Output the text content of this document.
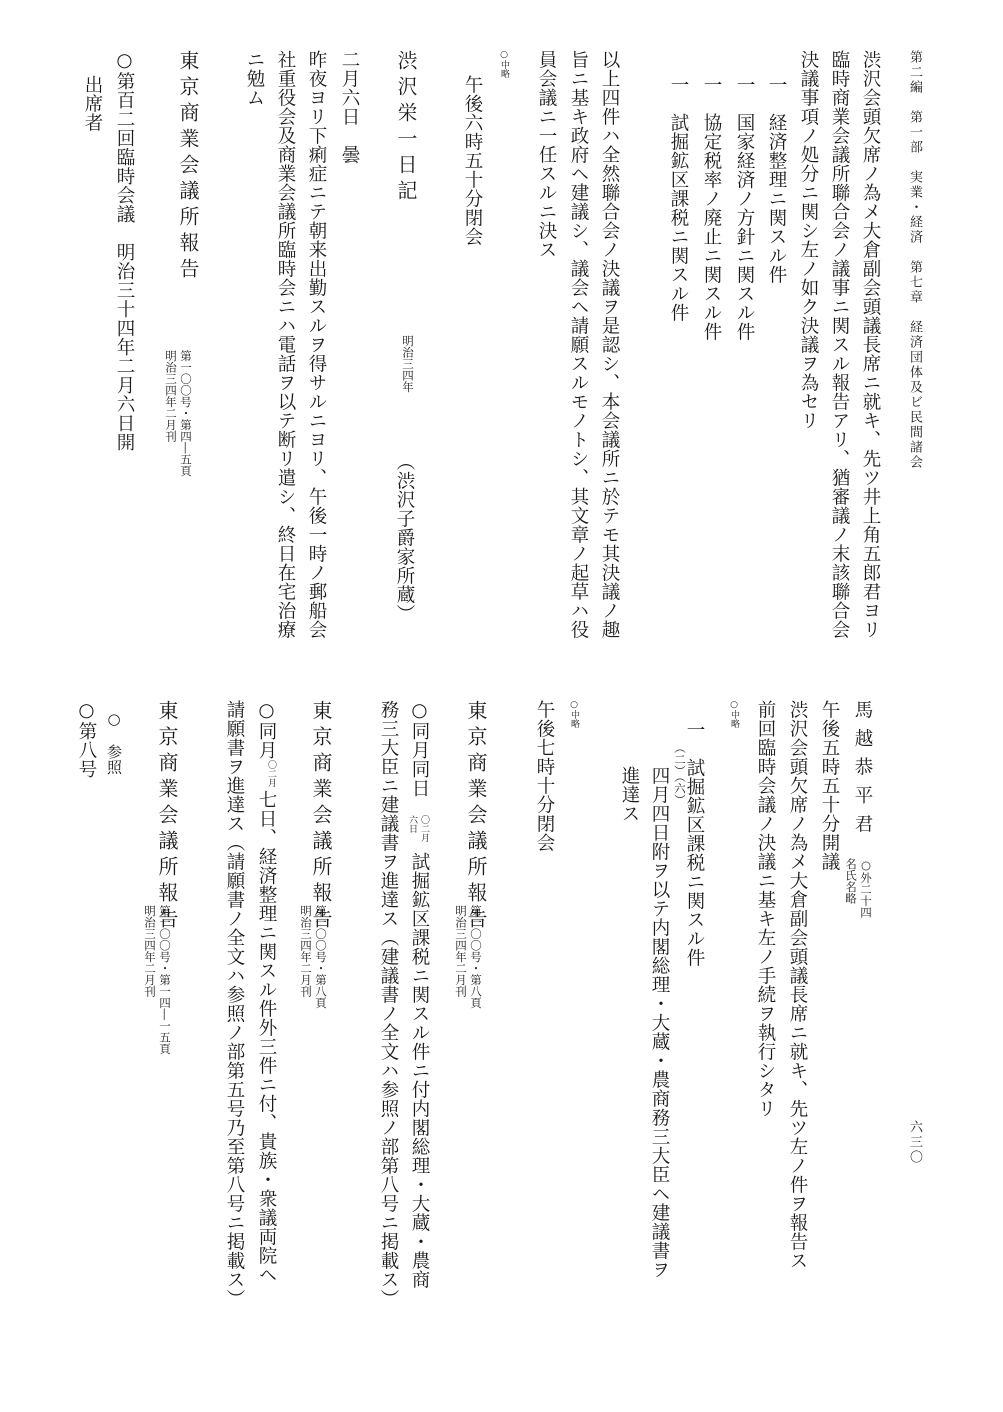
第二編　第一部　実業・経済　第七章　経済団体及ビ民間諸会
六三〇
渋沢会頭欠席ノ為メ大倉副会頭議長席ニ就キ、先ツ井上角五郎君ヨリ
臨時商業会議所聯合会ノ議事ニ関スル報告アリ、猶審議ノ末該聯合会
決議事項ノ処分ニ関シ左ノ如ク決議ヲ為セリ
一　経済整理ニ関スル件
一　国家経済ノ方針ニ関スル件
一　協定税率ノ廃止ニ関スル件
一　試掘鉱区課税ニ関スル件
以上四件ハ全然聯合会ノ決議ヲ是認シ、本会議所ニ於テモ其決議ノ趣
旨ニ基キ政府ヘ建議シ、議会ヘ請願スルモノトシ、其文章ノ起草ハ役
員会議ニ一任スルニ決ス
○中略
午後六時五十分閉会
渋沢栄一日記
明治三四年
（渋沢子爵家所蔵）
二月六日　曇
昨夜ヨリ下痢症ニテ朝来出勤スルヲ得サルニヨリ、午後一時ノ郵船会
社重役会及商業会議所臨時会ニハ電話ヲ以テ断リ遣シ、終日在宅治療
ニ勉ム
東京商業会議所報告
第一〇〇号・第四―五頁
明治三四年二月刊
○第百二回臨時会議　明治三十四年二月六日開
出席者
馬越恭平君
○外二十四
名氏名略
午後五時五十分開議
渋沢会頭欠席ノ為メ大倉副会頭議長席ニ就キ、先ツ左ノ件ヲ報告ス
前回臨時会議ノ決議ニ基キ左ノ手続ヲ執行シタリ
○中略
一　試掘鉱区課税ニ関スル件
（二）（六）
四月四日附ヲ以テ内閣総理・大蔵・農商務三大臣ヘ建議書ヲ
進達ス
○中略
午後七時十分閉会
東京商業会議所報告
第一〇〇号・第八頁
明治三四年二月刊
○同月同日
〇二月
六日
試掘鉱区課税ニ関スル件ニ付内閣総理・大蔵・農商
務三大臣ニ建議書ヲ進達ス（建議書ノ全文ハ参照ノ部第八号ニ掲載ス）
東京商業会議所報告
第一〇〇号・第八頁
明治三四年二月刊
○同月
〇二月
七日、経済整理ニ関スル件外三件ニ付、貴族・衆議両院ヘ
請願書ヲ進達ス（請願書ノ全文ハ参照ノ部第五号乃至第八号ニ掲載ス）
東京商業会議所報告
第一〇〇号・第一四―一五頁
明治三四年二月刊
○　参照
○第八号
